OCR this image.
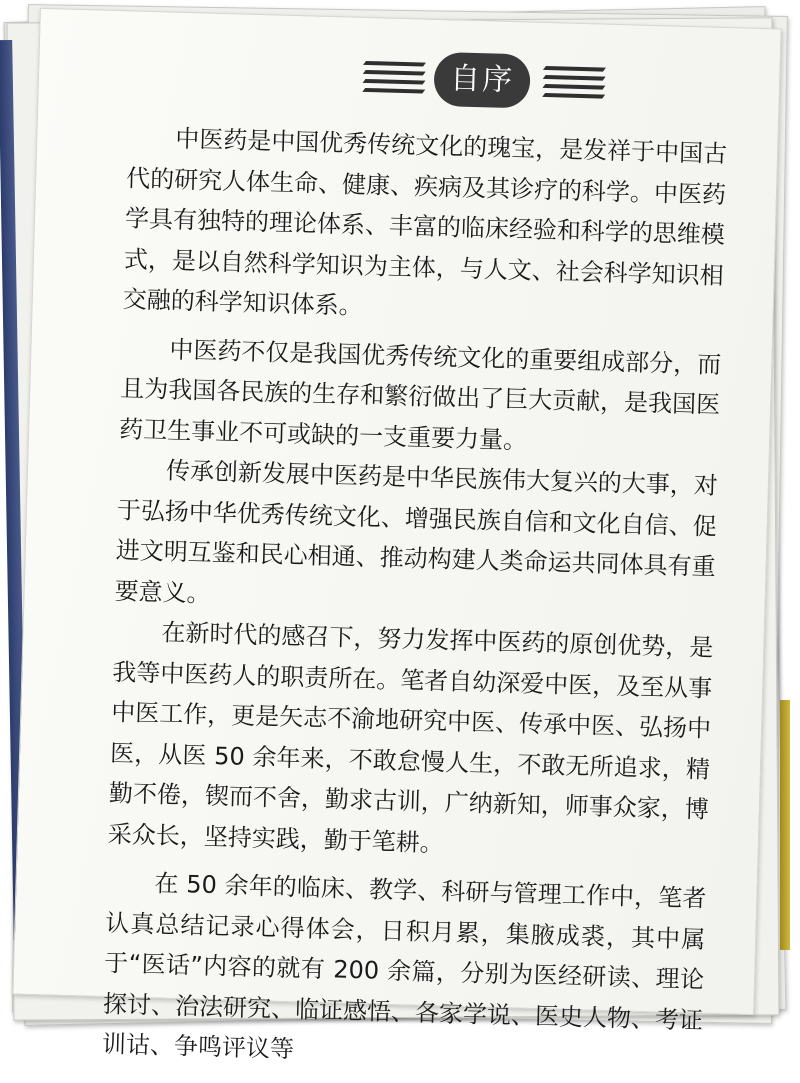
自序

中医药是中国优秀传统文化的瑰宝，是发祥于中国古代的研究人体生命、健康、疾病及其诊疗的科学。中医药学具有独特的理论体系、丰富的临床经验和科学的思维模式，是以自然科学知识为主体，与人文、社会科学知识相交融的科学知识体系。

中医药不仅是我国优秀传统文化的重要组成部分，而且为我国各民族的生存和繁衍做出了巨大贡献，是我国医药卫生事业不可或缺的一支重要力量。

传承创新发展中医药是中华民族伟大复兴的大事，对于弘扬中华优秀传统文化、增强民族自信和文化自信、促进文明互鉴和民心相通、推动构建人类命运共同体具有重要意义。

在新时代的感召下，努力发挥中医药的原创优势，是我等中医药人的职责所在。笔者自幼深爱中医，及至从事中医工作，更是矢志不渝地研究中医、传承中医、弘扬中医，从医 50 余年来，不敢怠慢人生，不敢无所追求，精勤不倦，锲而不舍，勤求古训，广纳新知，师事众家，博采众长，坚持实践，勤于笔耕。

在 50 余年的临床、教学、科研与管理工作中，笔者认真总结记录心得体会，日积月累，集腋成裘，其中属于“医话”内容的就有 200 余篇，分别为医经研读、理论探讨、治法研究、临证感悟、各家学说、医史人物、考证训诂、争鸣评议等
